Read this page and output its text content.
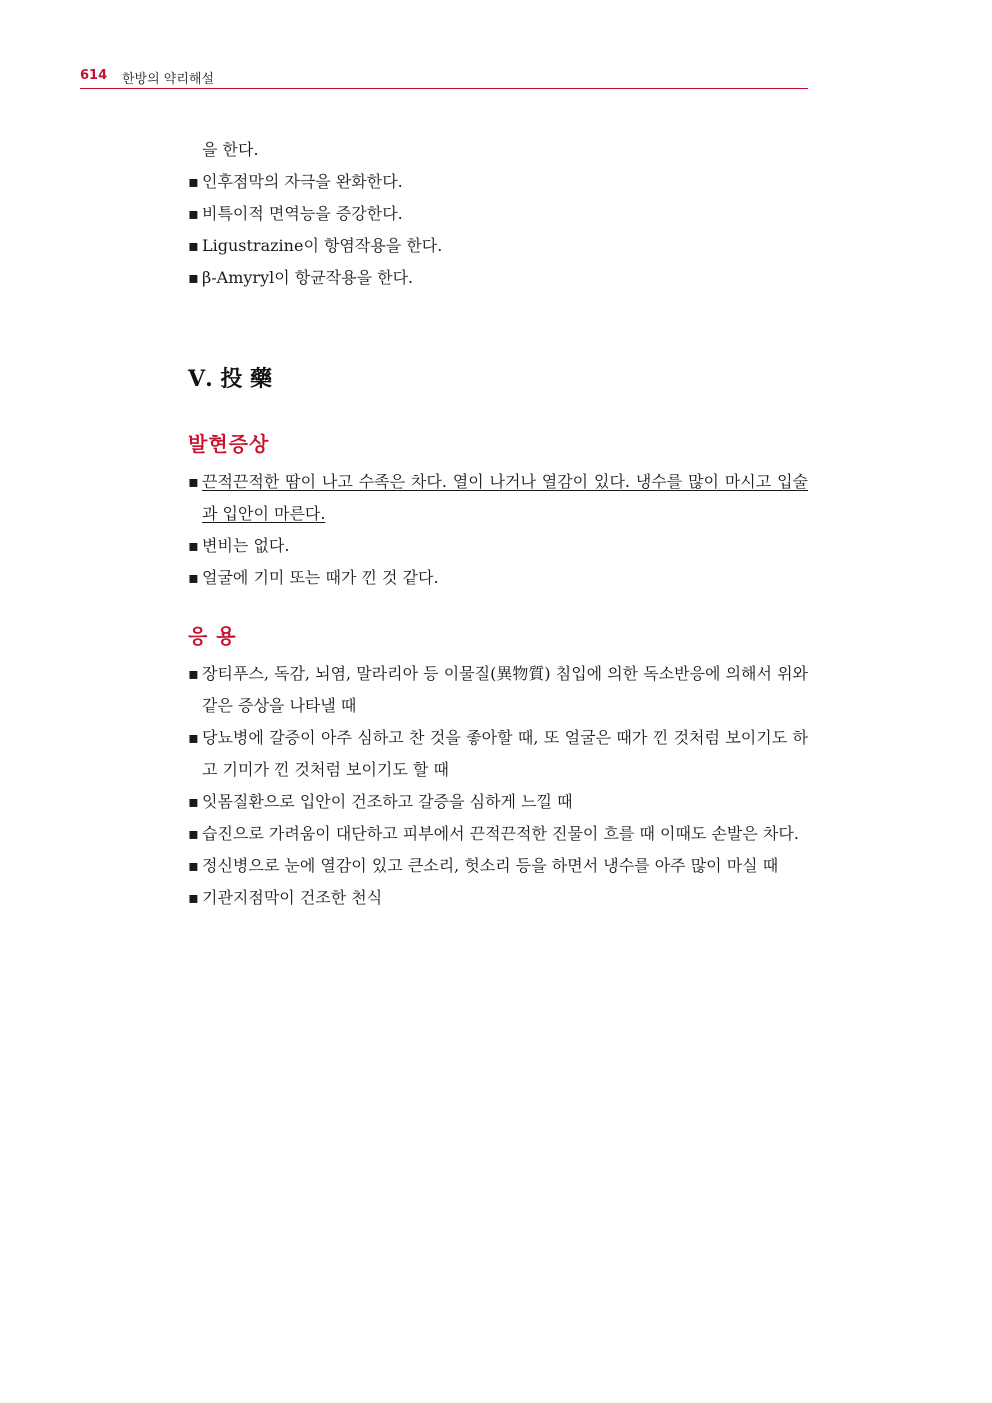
614 한방의 약리해설

을 한다.

▪ 인후점막의 자극을 완화한다.
▪ 비특이적 면역능을 증강한다.
▪ Ligustrazine이 항염작용을 한다.
▪ β-Amyryl이 항균작용을 한다.
Ⅴ. 投 藥
발현증상
▪ 끈적끈적한 땀이 나고 수족은 차다. 열이 나거나 열감이 있다. 냉수를 많이 마시고 입술과 입안이 마른다.
▪ 변비는 없다.
▪ 얼굴에 기미 또는 때가 낀 것 같다.
응 용
▪ 장티푸스, 독감, 뇌염, 말라리아 등 이물질(異物質) 침입에 의한 독소반응에 의해서 위와 같은 증상을 나타낼 때
▪ 당뇨병에 갈증이 아주 심하고 찬 것을 좋아할 때, 또 얼굴은 때가 낀 것처럼 보이기도 하고 기미가 낀 것처럼 보이기도 할 때
▪ 잇몸질환으로 입안이 건조하고 갈증을 심하게 느낄 때
▪ 습진으로 가려움이 대단하고 피부에서 끈적끈적한 진물이 흐를 때 이때도 손발은 차다.
▪ 정신병으로 눈에 열감이 있고 큰소리, 헛소리 등을 하면서 냉수를 아주 많이 마실 때
▪ 기관지점막이 건조한 천식
